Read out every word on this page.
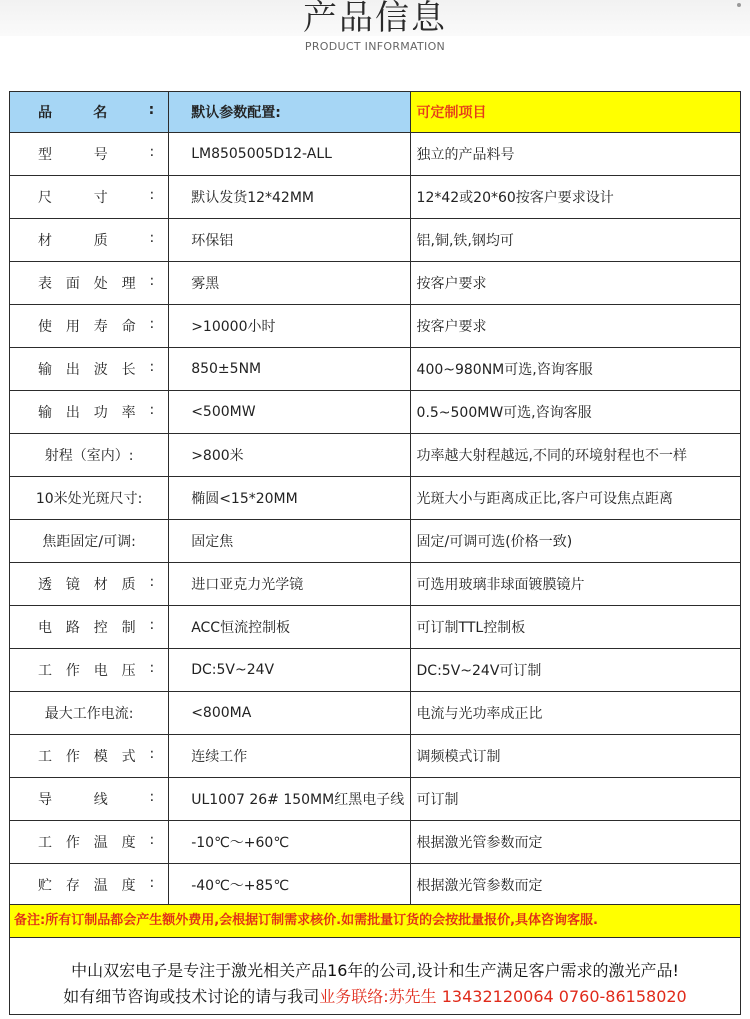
产品信息
PRODUCT INFORMATION
品 名 :	默认参数配置:	可定制项目

型 号 :	LM8505005D12-ALL	独立的产品料号

尺 寸 :	默认发货12*42MM	12*42或20*60按客户要求设计

材 质 :	环保铝	铝,铜,铁,钢均可

表 面 处 理 :	雾黑	按客户要求

使 用 寿 命 :	>10000小时	按客户要求

输 出 波 长 :	850±5NM	400~980NM可选,咨询客服

输 出 功 率 :	<500MW	0.5~500MW可选,咨询客服

射程（室内）:	>800米	功率越大射程越远,不同的环境射程也不一样

10米处光斑尺寸:	椭圆<15*20MM	光斑大小与距离成正比,客户可设焦点距离

焦距固定/可调:	固定焦	固定/可调可选(价格一致)

透 镜 材 质 :	进口亚克力光学镜	可选用玻璃非球面镀膜镜片

电 路 控 制 :	ACC恒流控制板	可订制TTL控制板

工 作 电 压 :	DC:5V~24V	DC:5V~24V可订制

最大工作电流:	<800MA	电流与光功率成正比

工 作 模 式 :	连续工作	调频模式订制

导 线 :	UL1007 26# 150MM红黑电子线	可订制

工 作 温 度 :	-10℃～+60℃	根据激光管参数而定

贮 存 温 度 :	-40℃～+85℃	根据激光管参数而定
备注:所有订制品都会产生额外费用,会根据订制需求核价.如需批量订货的会按批量报价,具体咨询客服.
中山双宏电子是专注于激光相关产品16年的公司,设计和生产满足客户需求的激光产品!
如有细节咨询或技术讨论的请与我司业务联络:苏先生 13432120064 0760-86158020
